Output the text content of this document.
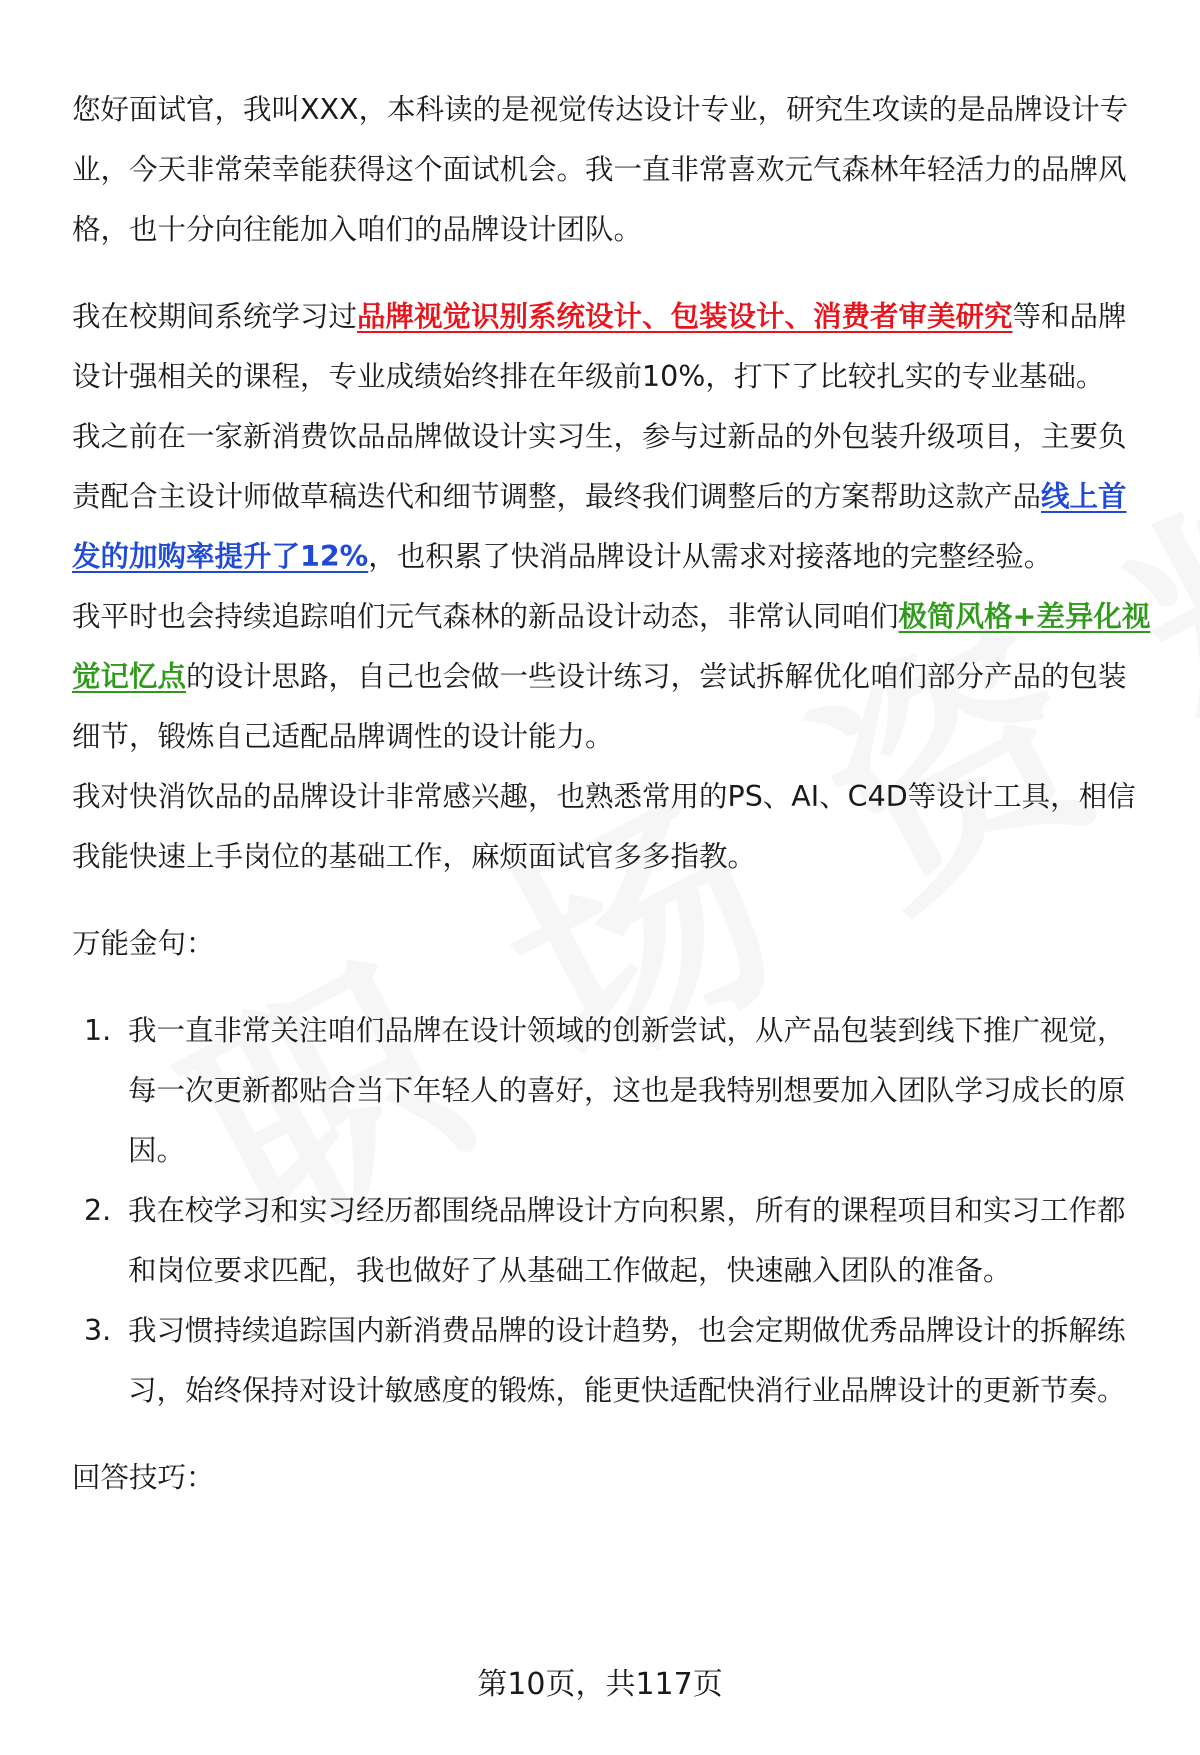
您好面试官，我叫XXX，本科读的是视觉传达设计专业，研究生攻读的是品牌设计专业，今天非常荣幸能获得这个面试机会。我一直非常喜欢元气森林年轻活力的品牌风格，也十分向往能加入咱们的品牌设计团队。

我在校期间系统学习过品牌视觉识别系统设计、包装设计、消费者审美研究等和品牌设计强相关的课程，专业成绩始终排在年级前10%，打下了比较扎实的专业基础。

我之前在一家新消费饮品品牌做设计实习生，参与过新品的外包装升级项目，主要负责配合主设计师做草稿迭代和细节调整，最终我们调整后的方案帮助这款产品线上首发的加购率提升了12%，也积累了快消品牌设计从需求对接落地的完整经验。

我平时也会持续追踪咱们元气森林的新品设计动态，非常认同咱们极简风格+差异化视觉记忆点的设计思路，自己也会做一些设计练习，尝试拆解优化咱们部分产品的包装细节，锻炼自己适配品牌调性的设计能力。

我对快消饮品的品牌设计非常感兴趣，也熟悉常用的PS、AI、C4D等设计工具，相信我能快速上手岗位的基础工作，麻烦面试官多多指教。

万能金句：

1. 我一直非常关注咱们品牌在设计领域的创新尝试，从产品包装到线下推广视觉，每一次更新都贴合当下年轻人的喜好，这也是我特别想要加入团队学习成长的原因。
2. 我在校学习和实习经历都围绕品牌设计方向积累，所有的课程项目和实习工作都和岗位要求匹配，我也做好了从基础工作做起，快速融入团队的准备。
3. 我习惯持续追踪国内新消费品牌的设计趋势，也会定期做优秀品牌设计的拆解练习，始终保持对设计敏感度的锻炼，能更快适配快消行业品牌设计的更新节奏。

回答技巧：

第10页，共117页
